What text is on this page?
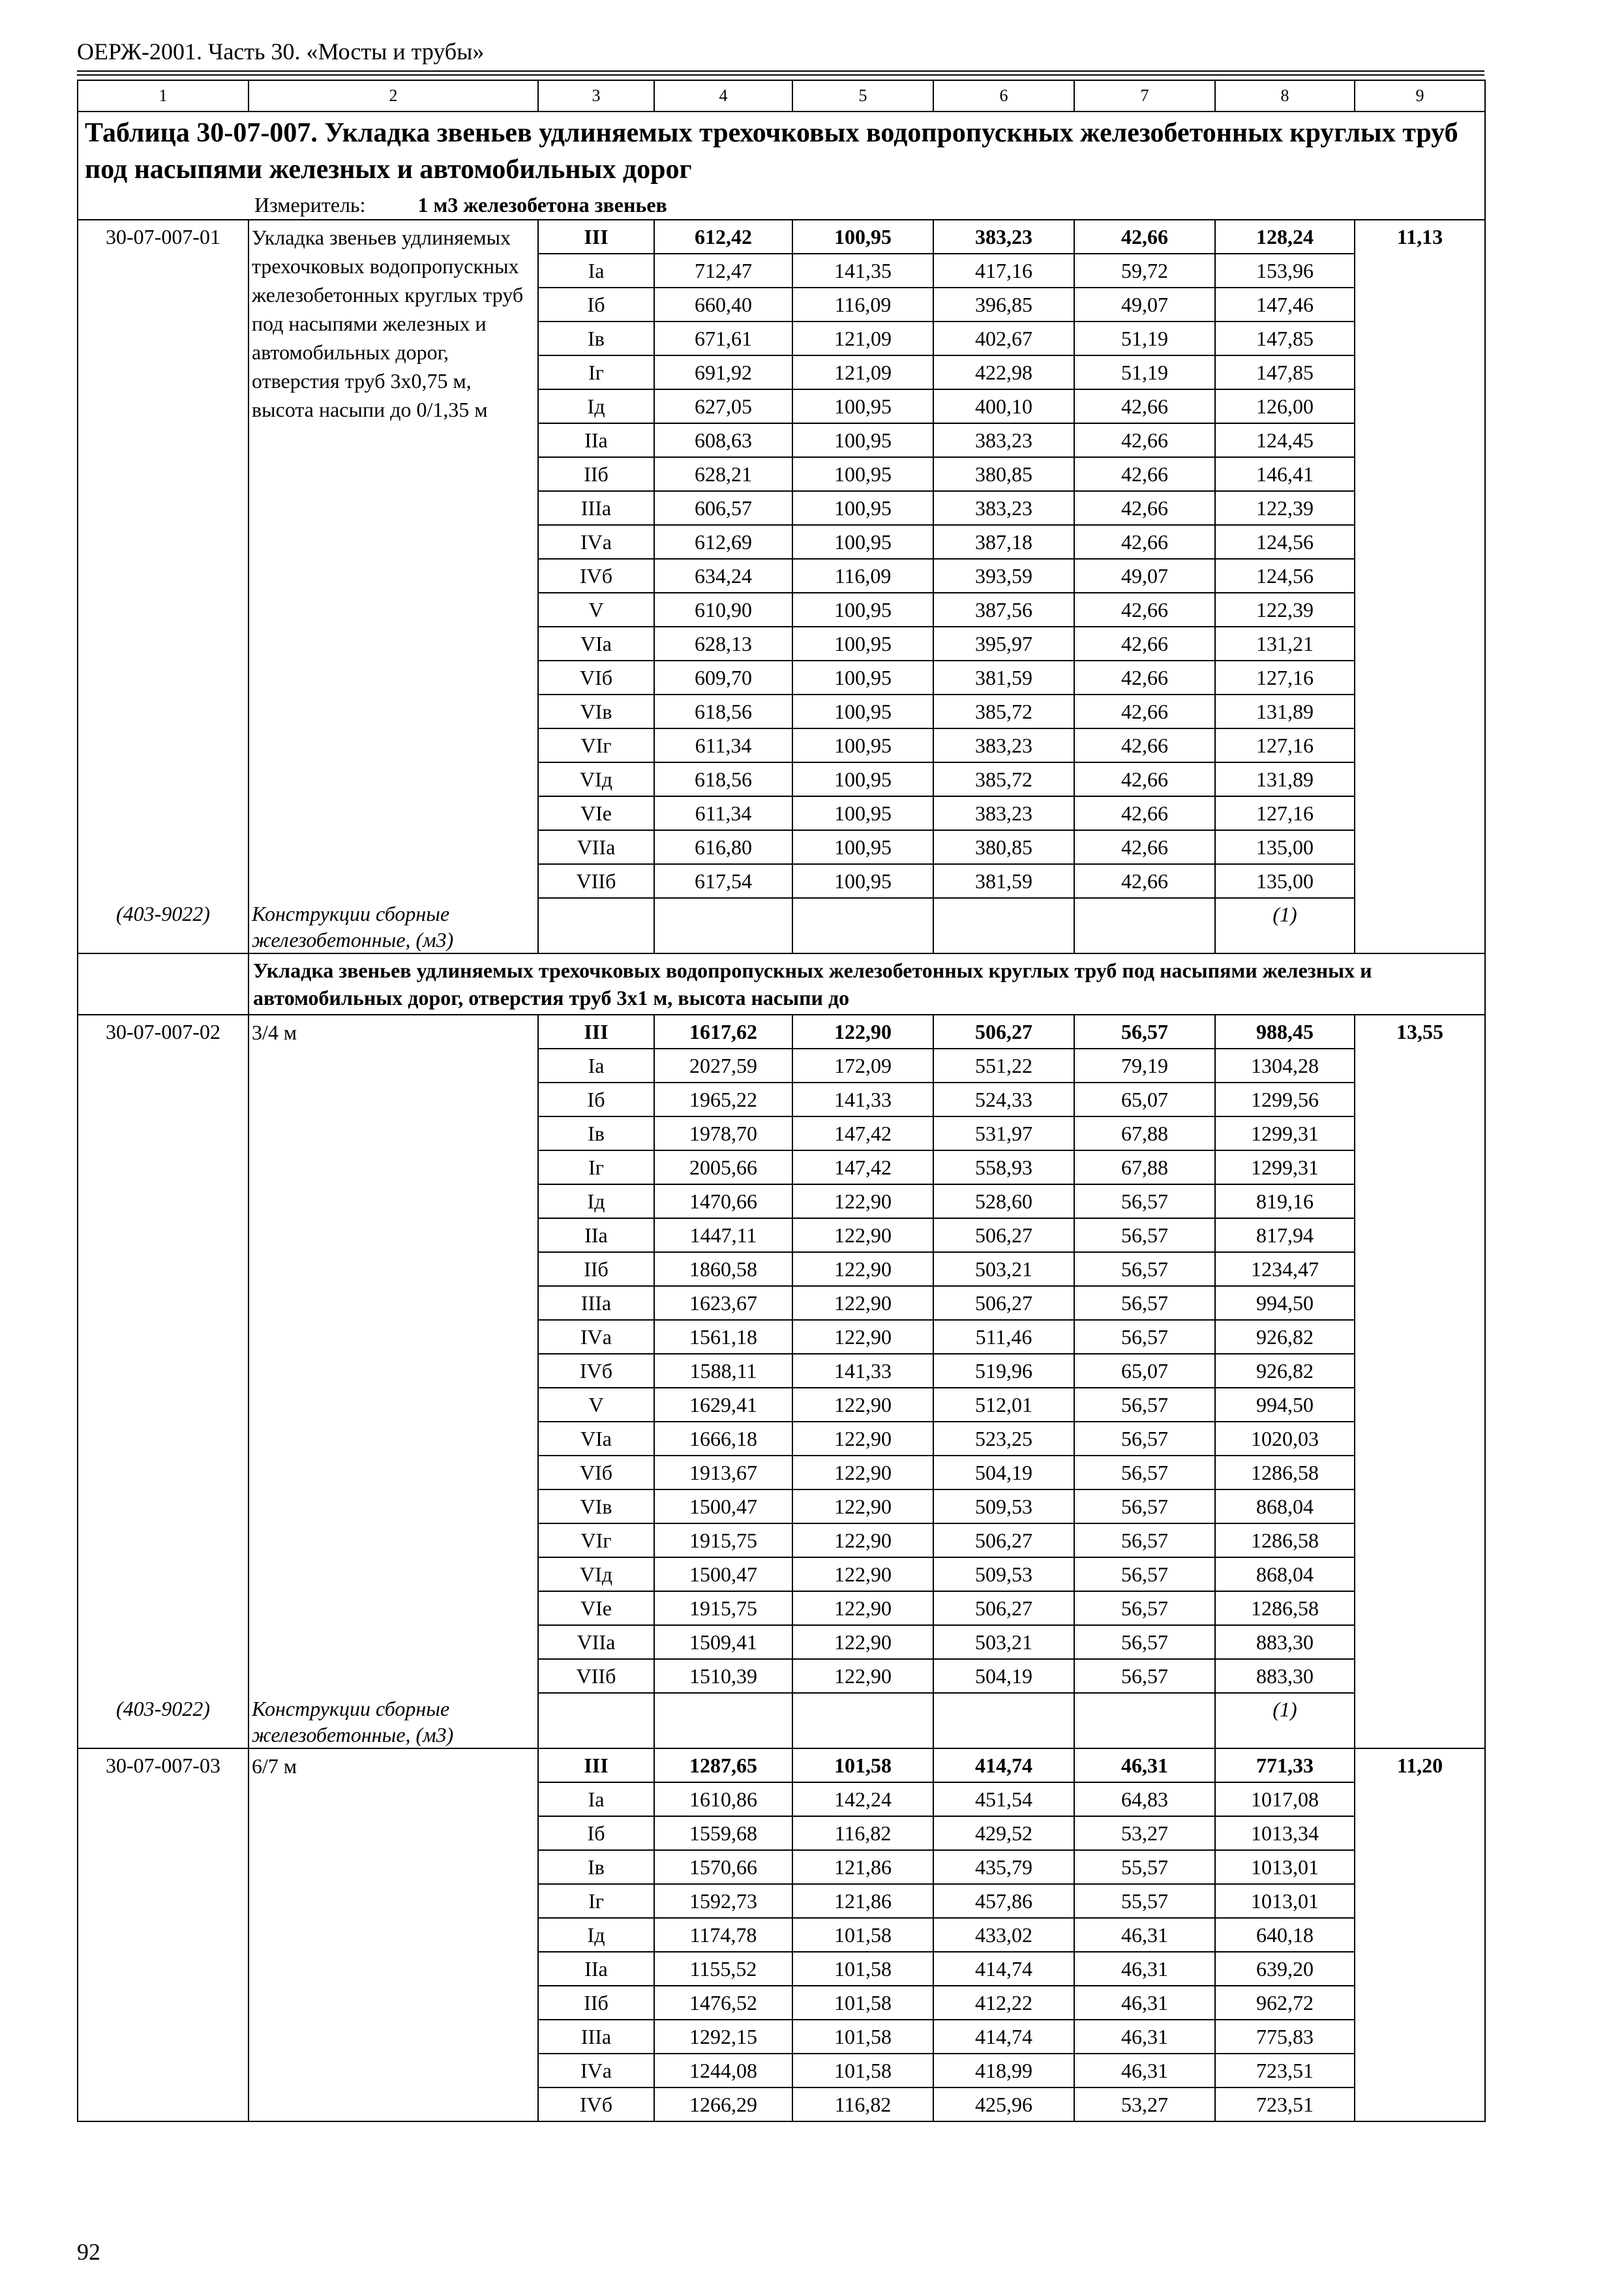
ОЕРЖ-2001. Часть 30. «Мосты и трубы»
1	2	3	4	5	6	7	8	9
Таблица 30-07-007. Укладка звеньев удлиняемых трехочковых водопропускных железобетонных круглых труб под насыпями железных и автомобильных дорог								
Измеритель: 1 м3 железобетона звеньев								
30-07-007-01	Укладка звеньев удлиняемых трехочковых водопропускных железобетонных круглых труб под насыпями железных и автомобильных дорог, отверстия труб 3x0,75 м, высота насыпи до 0/1,35 м	III	612,42	100,95	383,23	42,66	128,24	11,13
		Iа	712,47	141,35	417,16	59,72	153,96	
		Iб	660,40	116,09	396,85	49,07	147,46	
		Iв	671,61	121,09	402,67	51,19	147,85	
		Iг	691,92	121,09	422,98	51,19	147,85	
		Iд	627,05	100,95	400,10	42,66	126,00	
		IIа	608,63	100,95	383,23	42,66	124,45	
		IIб	628,21	100,95	380,85	42,66	146,41	
		IIIа	606,57	100,95	383,23	42,66	122,39	
		IVа	612,69	100,95	387,18	42,66	124,56	
		IVб	634,24	116,09	393,59	49,07	124,56	
		V	610,90	100,95	387,56	42,66	122,39	
		VIа	628,13	100,95	395,97	42,66	131,21	
		VIб	609,70	100,95	381,59	42,66	127,16	
		VIв	618,56	100,95	385,72	42,66	131,89	
		VIг	611,34	100,95	383,23	42,66	127,16	
		VIд	618,56	100,95	385,72	42,66	131,89	
		VIе	611,34	100,95	383,23	42,66	127,16	
		VIIа	616,80	100,95	380,85	42,66	135,00	
		VIIб	617,54	100,95	381,59	42,66	135,00	
(403-9022)	Конструкции сборные железобетонные, (м3)						(1)	
	Укладка звеньев удлиняемых трехочковых водопропускных железобетонных круглых труб под насыпями железных и автомобильных дорог, отверстия труб 3x1 м, высота насыпи до							
30-07-007-02	3/4 м	III	1617,62	122,90	506,27	56,57	988,45	13,55
		Iа	2027,59	172,09	551,22	79,19	1304,28	
		Iб	1965,22	141,33	524,33	65,07	1299,56	
		Iв	1978,70	147,42	531,97	67,88	1299,31	
		Iг	2005,66	147,42	558,93	67,88	1299,31	
		Iд	1470,66	122,90	528,60	56,57	819,16	
		IIа	1447,11	122,90	506,27	56,57	817,94	
		IIб	1860,58	122,90	503,21	56,57	1234,47	
		IIIа	1623,67	122,90	506,27	56,57	994,50	
		IVа	1561,18	122,90	511,46	56,57	926,82	
		IVб	1588,11	141,33	519,96	65,07	926,82	
		V	1629,41	122,90	512,01	56,57	994,50	
		VIа	1666,18	122,90	523,25	56,57	1020,03	
		VIб	1913,67	122,90	504,19	56,57	1286,58	
		VIв	1500,47	122,90	509,53	56,57	868,04	
		VIг	1915,75	122,90	506,27	56,57	1286,58	
		VIд	1500,47	122,90	509,53	56,57	868,04	
		VIе	1915,75	122,90	506,27	56,57	1286,58	
		VIIа	1509,41	122,90	503,21	56,57	883,30	
		VIIб	1510,39	122,90	504,19	56,57	883,30	
(403-9022)	Конструкции сборные железобетонные, (м3)						(1)	
30-07-007-03	6/7 м	III	1287,65	101,58	414,74	46,31	771,33	11,20
		Iа	1610,86	142,24	451,54	64,83	1017,08	
		Iб	1559,68	116,82	429,52	53,27	1013,34	
		Iв	1570,66	121,86	435,79	55,57	1013,01	
		Iг	1592,73	121,86	457,86	55,57	1013,01	
		Iд	1174,78	101,58	433,02	46,31	640,18	
		IIа	1155,52	101,58	414,74	46,31	639,20	
		IIб	1476,52	101,58	412,22	46,31	962,72	
		IIIа	1292,15	101,58	414,74	46,31	775,83	
		IVа	1244,08	101,58	418,99	46,31	723,51	
		IVб	1266,29	116,82	425,96	53,27	723,51	
92
